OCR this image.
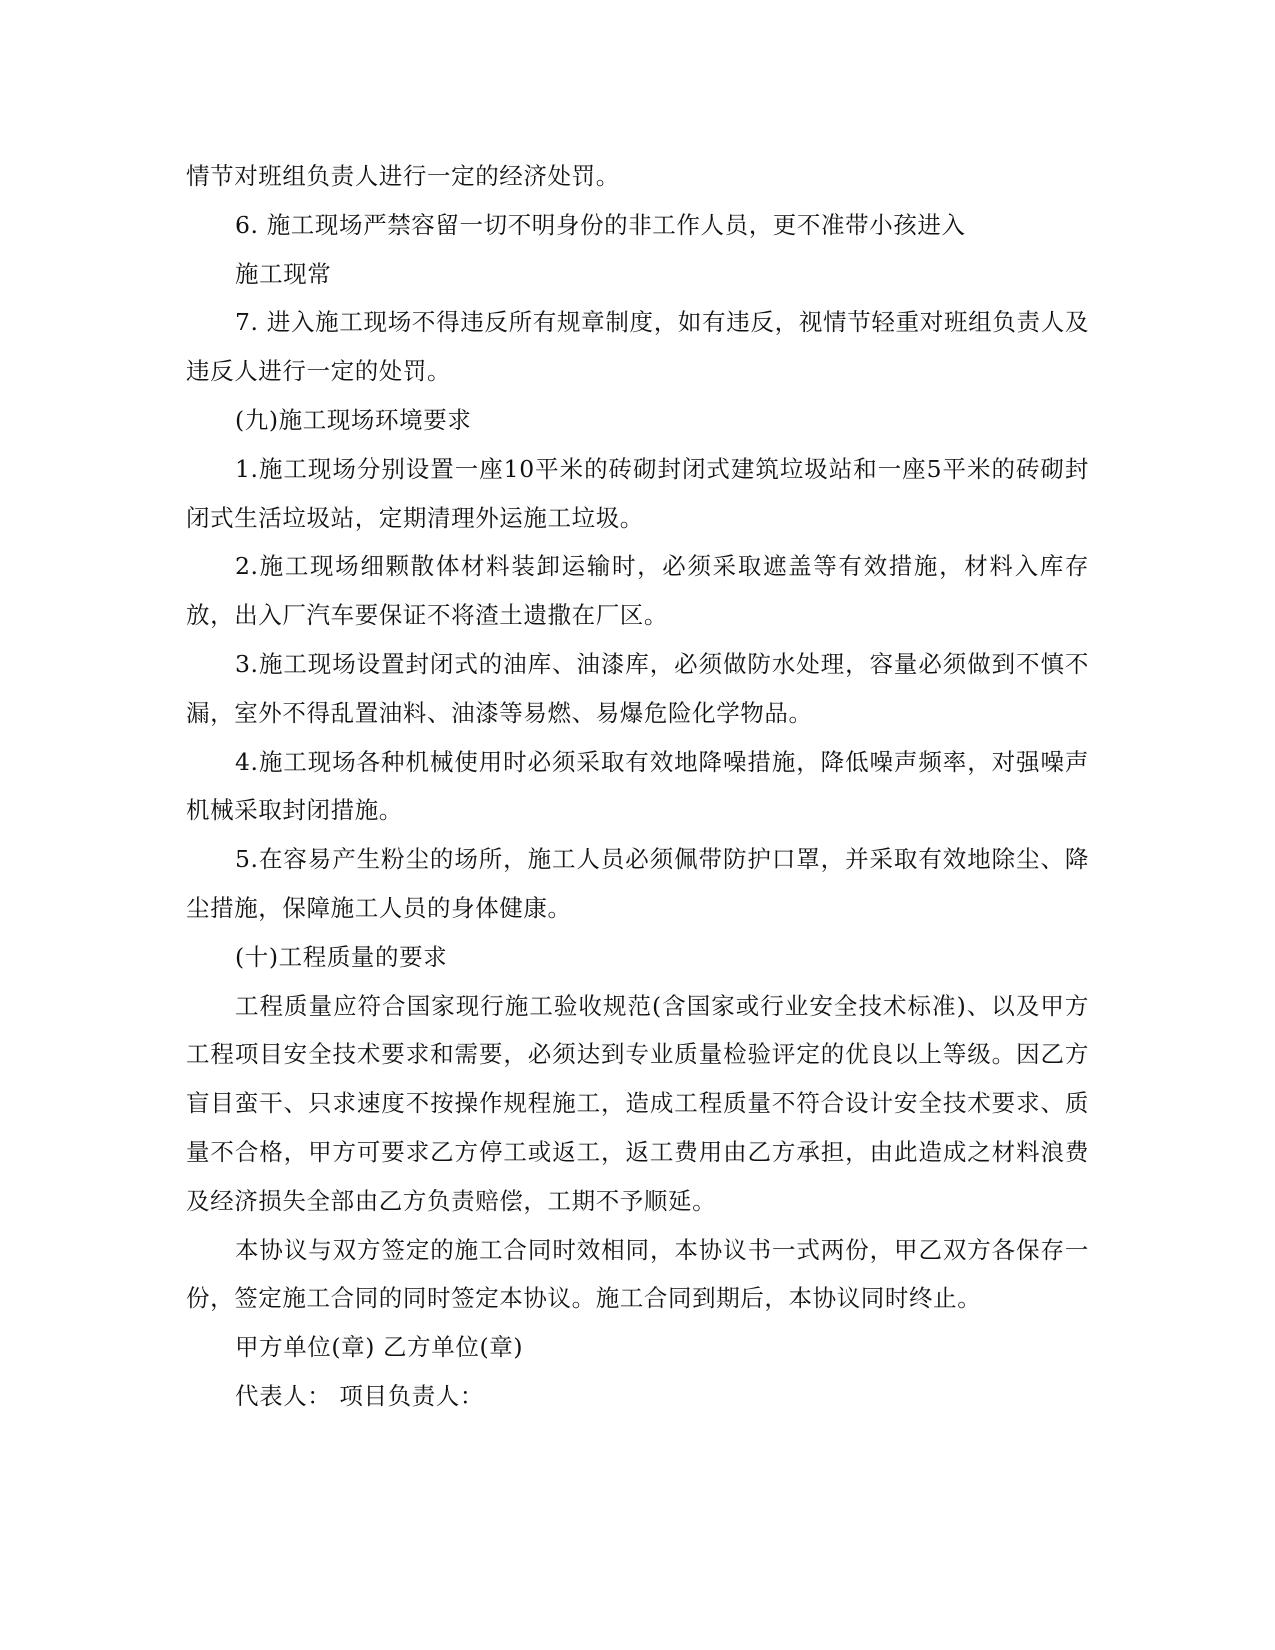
情节对班组负责人进行一定的经济处罚。

6. 施工现场严禁容留一切不明身份的非工作人员，更不准带小孩进入

施工现常

7. 进入施工现场不得违反所有规章制度，如有违反，视情节轻重对班组负责人及违反人进行一定的处罚。

(九)施工现场环境要求

1.施工现场分别设置一座10平米的砖砌封闭式建筑垃圾站和一座5平米的砖砌封闭式生活垃圾站，定期清理外运施工垃圾。

2.施工现场细颗散体材料装卸运输时，必须采取遮盖等有效措施，材料入库存放，出入厂汽车要保证不将渣土遗撒在厂区。

3.施工现场设置封闭式的油库、油漆库，必须做防水处理，容量必须做到不慎不漏，室外不得乱置油料、油漆等易燃、易爆危险化学物品。

4.施工现场各种机械使用时必须采取有效地降噪措施，降低噪声频率，对强噪声机械采取封闭措施。

5.在容易产生粉尘的场所，施工人员必须佩带防护口罩，并采取有效地除尘、降尘措施，保障施工人员的身体健康。

(十)工程质量的要求

工程质量应符合国家现行施工验收规范(含国家或行业安全技术标准)、以及甲方工程项目安全技术要求和需要，必须达到专业质量检验评定的优良以上等级。因乙方盲目蛮干、只求速度不按操作规程施工，造成工程质量不符合设计安全技术要求、质量不合格，甲方可要求乙方停工或返工，返工费用由乙方承担，由此造成之材料浪费及经济损失全部由乙方负责赔偿，工期不予顺延。

本协议与双方签定的施工合同时效相同，本协议书一式两份，甲乙双方各保存一份，签定施工合同的同时签定本协议。施工合同到期后，本协议同时终止。

甲方单位(章) 乙方单位(章)

代表人： 项目负责人：
